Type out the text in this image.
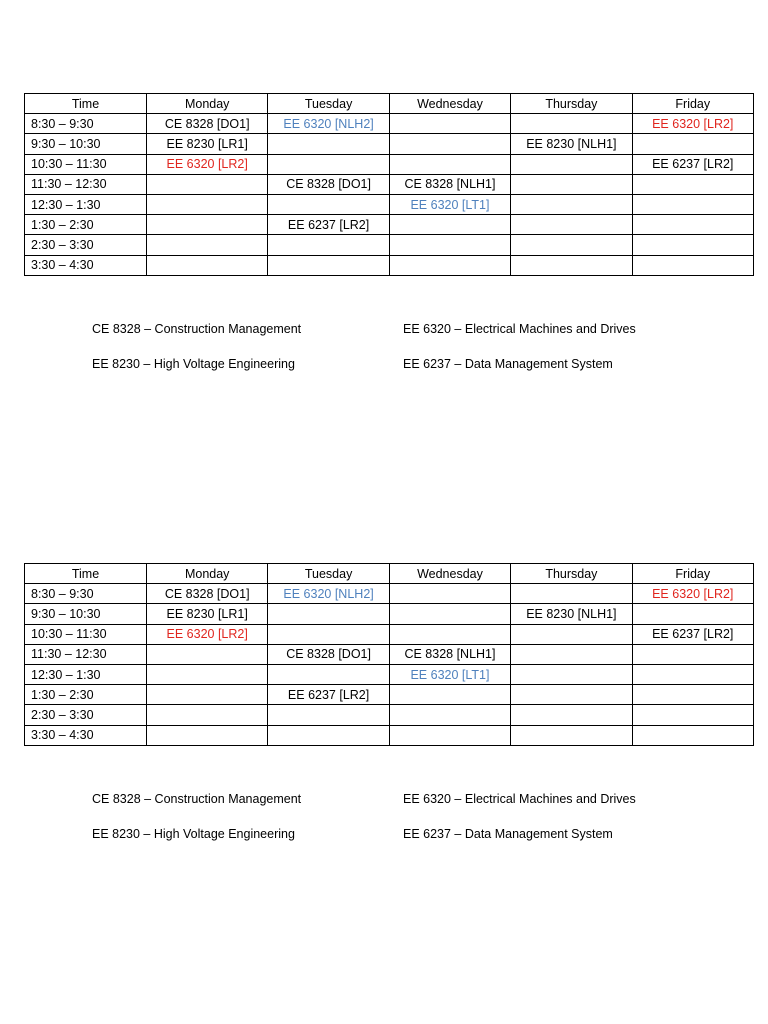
Time	Monday	Tuesday	Wednesday	Thursday	Friday
8:30 – 9:30	CE 8328 [DO1]	EE 6320 [NLH2]			EE 6320 [LR2]
9:30 – 10:30	EE 8230 [LR1]			EE 8230 [NLH1]	
10:30 – 11:30	EE 6320 [LR2]				EE 6237 [LR2]
11:30 – 12:30		CE 8328 [DO1]	CE 8328 [NLH1]		
12:30 – 1:30			EE 6320 [LT1]		
1:30 – 2:30		EE 6237 [LR2]			
2:30 – 3:30					
3:30 – 4:30					
CE 8328 – Construction Management	EE 6320 – Electrical Machines and Drives
EE 8230 – High Voltage Engineering	EE 6237 – Data Management System
Time	Monday	Tuesday	Wednesday	Thursday	Friday
8:30 – 9:30	CE 8328 [DO1]	EE 6320 [NLH2]			EE 6320 [LR2]
9:30 – 10:30	EE 8230 [LR1]			EE 8230 [NLH1]	
10:30 – 11:30	EE 6320 [LR2]				EE 6237 [LR2]
11:30 – 12:30		CE 8328 [DO1]	CE 8328 [NLH1]		
12:30 – 1:30			EE 6320 [LT1]		
1:30 – 2:30		EE 6237 [LR2]			
2:30 – 3:30					
3:30 – 4:30					
CE 8328 – Construction Management	EE 6320 – Electrical Machines and Drives
EE 8230 – High Voltage Engineering	EE 6237 – Data Management System
